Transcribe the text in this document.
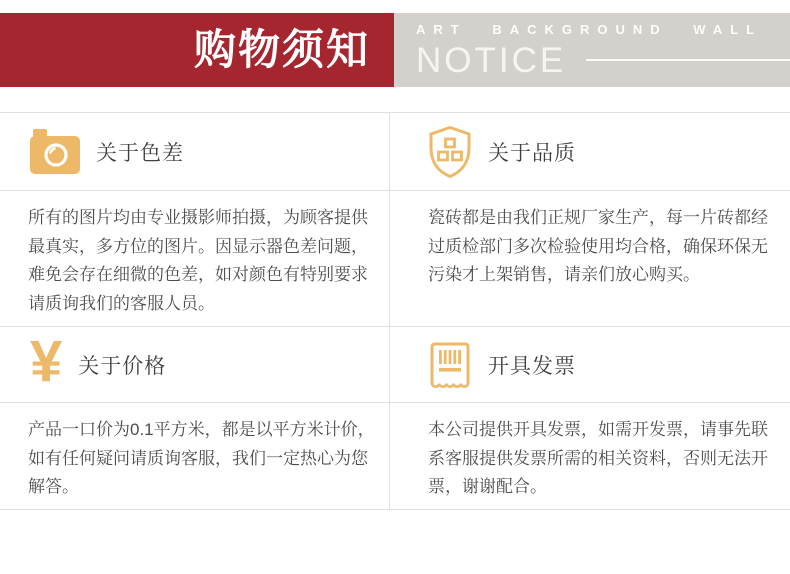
购物须知	ART BACKGROUND WALL
NOTICE
关于色差

所有的图片均由专业摄影师拍摄，为顾客提供最真实，多方位的图片。因显示器色差问题，难免会存在细微的色差，如对颜色有特别要求请质询我们的客服人员。

关于品质

瓷砖都是由我们正规厂家生产，每一片砖都经过质检部门多次检验使用均合格，确保环保无污染才上架销售，请亲们放心购买。

¥ 关于价格

产品一口价为0.1平方米，都是以平方米计价，如有任何疑问请质询客服，我们一定热心为您解答。

开具发票

本公司提供开具发票，如需开发票，请事先联系客服提供发票所需的相关资料，否则无法开票，谢谢配合。
